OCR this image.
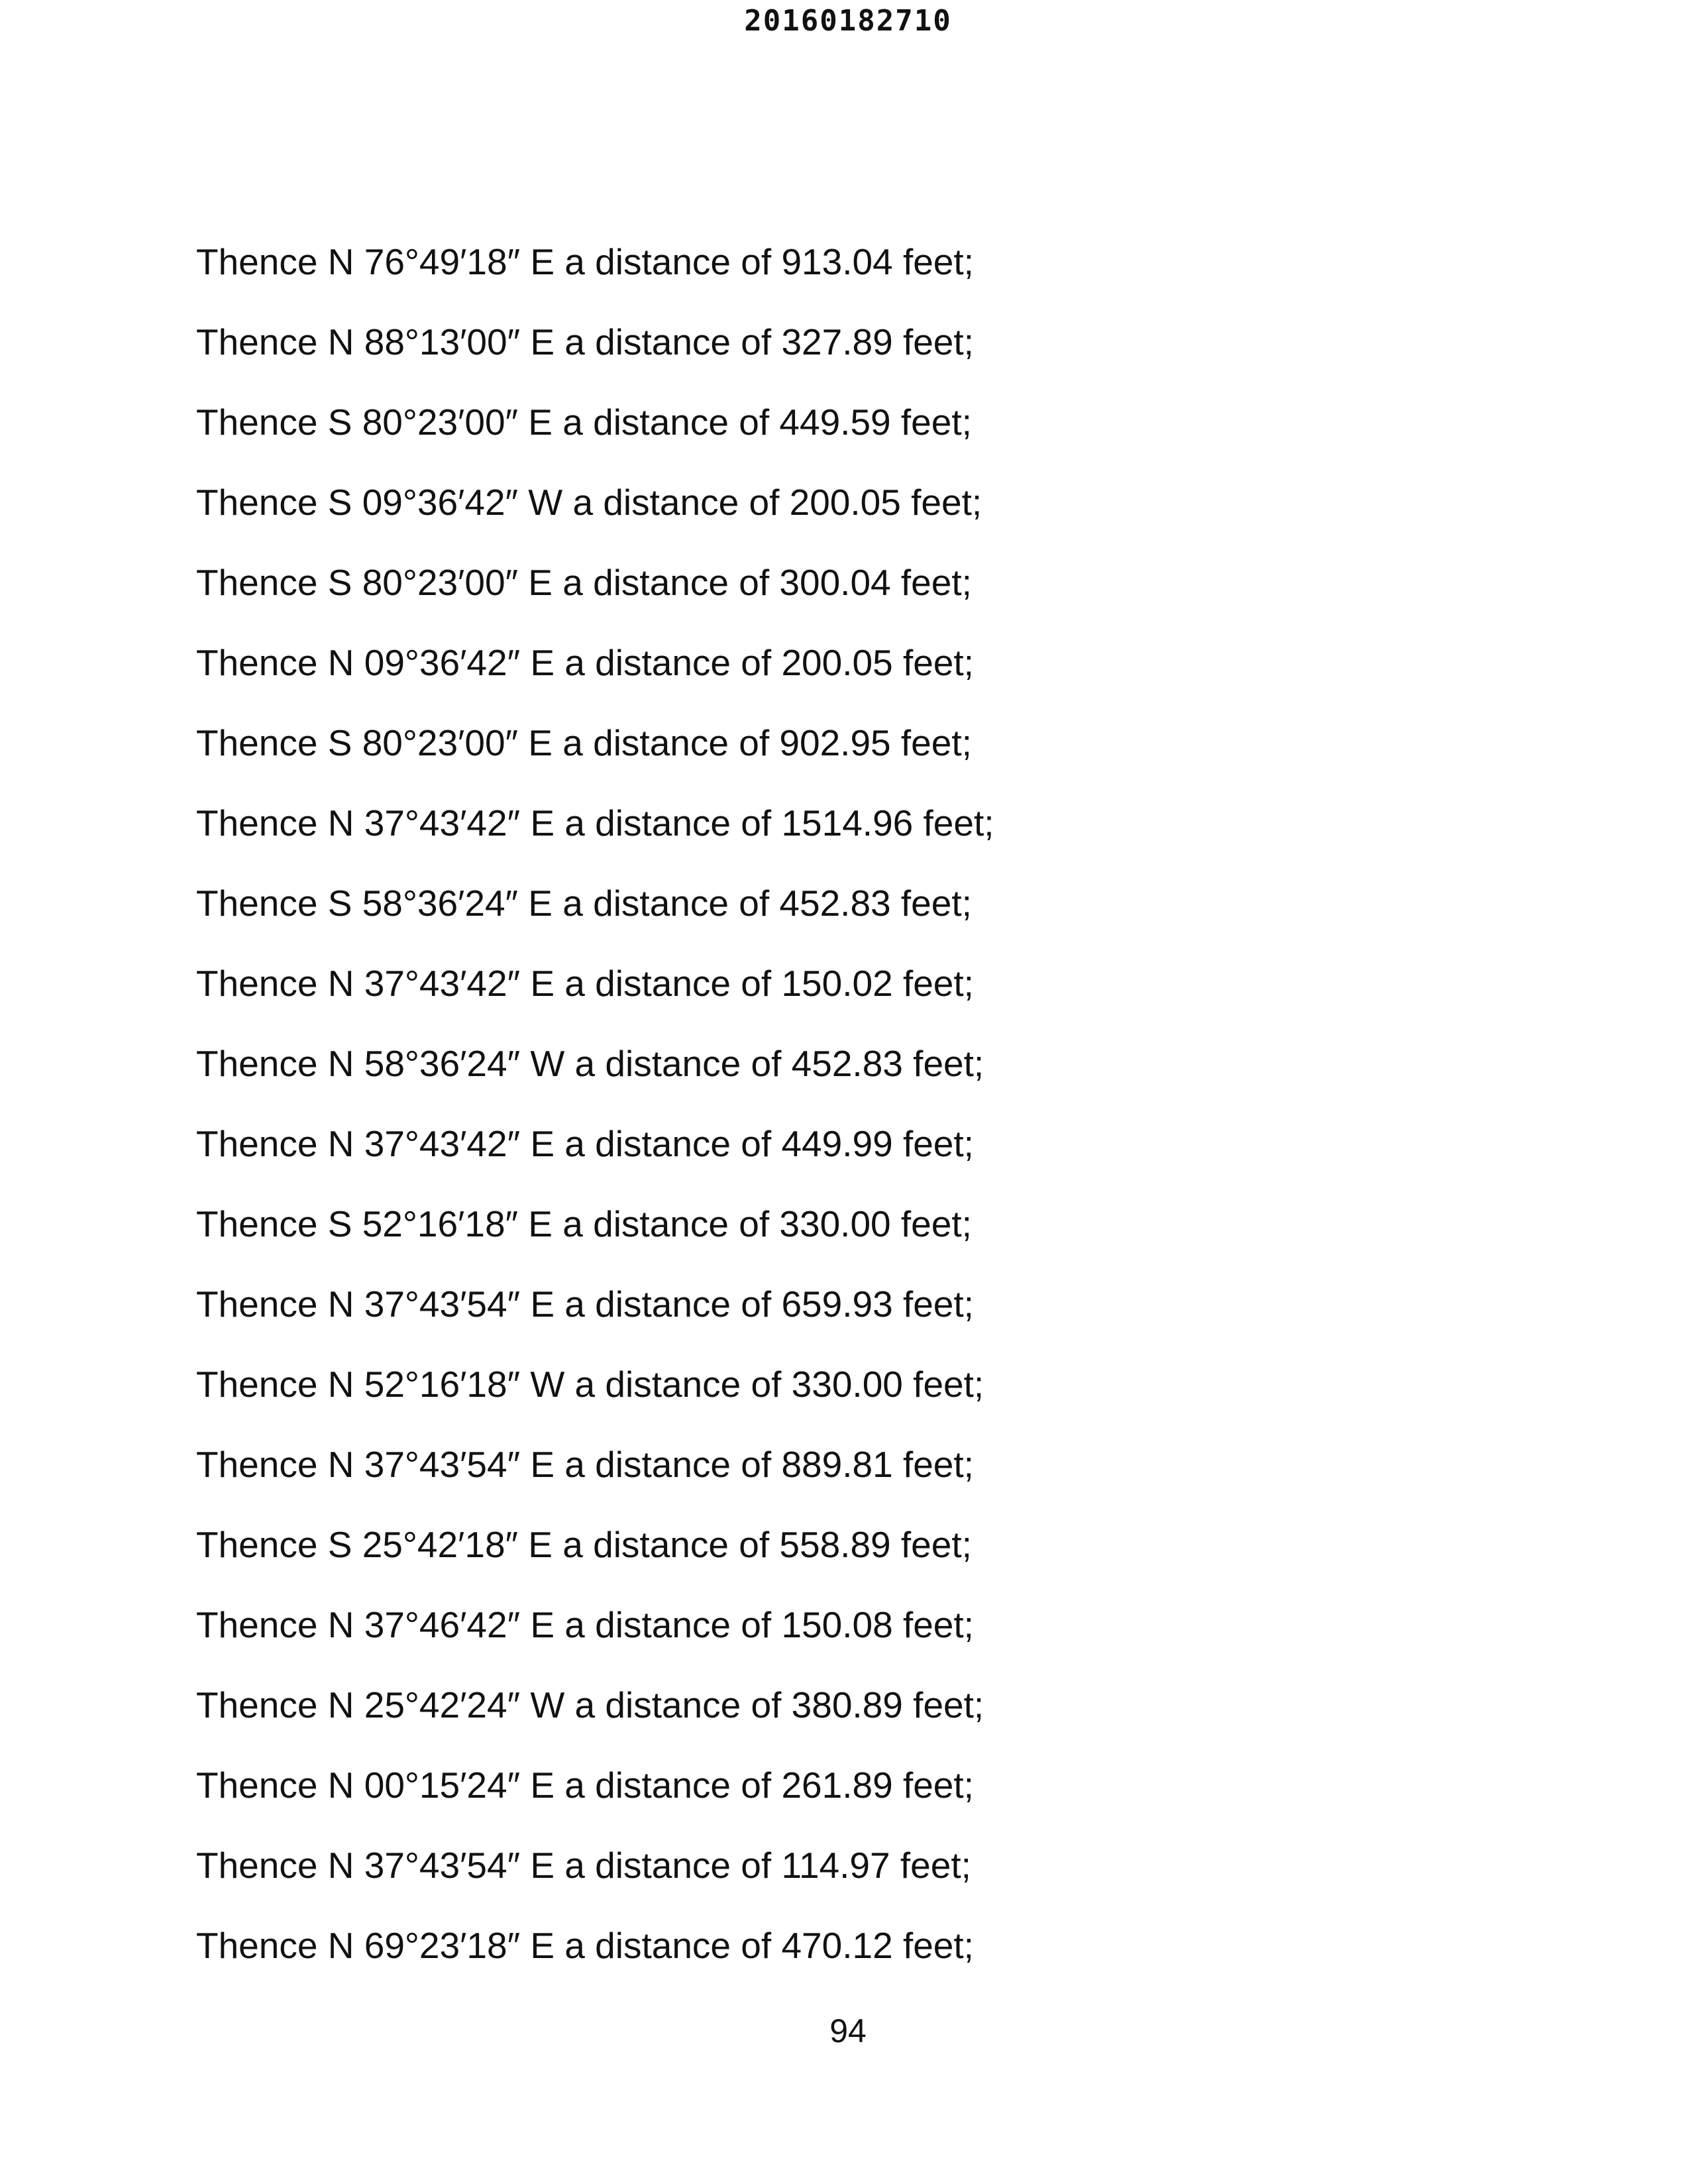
20160182710

Thence N 76°49′18″ E a distance of 913.04 feet;
Thence N 88°13′00″ E a distance of 327.89 feet;
Thence S 80°23′00″ E a distance of 449.59 feet;
Thence S 09°36′42″ W a distance of 200.05 feet;
Thence S 80°23′00″ E a distance of 300.04 feet;
Thence N 09°36′42″ E a distance of 200.05 feet;
Thence S 80°23′00″ E a distance of 902.95 feet;
Thence N 37°43′42″ E a distance of 1514.96 feet;
Thence S 58°36′24″ E a distance of 452.83 feet;
Thence N 37°43′42″ E a distance of 150.02 feet;
Thence N 58°36′24″ W a distance of 452.83 feet;
Thence N 37°43′42″ E a distance of 449.99 feet;
Thence S 52°16′18″ E a distance of 330.00 feet;
Thence N 37°43′54″ E a distance of 659.93 feet;
Thence N 52°16′18″ W a distance of 330.00 feet;
Thence N 37°43′54″ E a distance of 889.81 feet;
Thence S 25°42′18″ E a distance of 558.89 feet;
Thence N 37°46′42″ E a distance of 150.08 feet;
Thence N 25°42′24″ W a distance of 380.89 feet;
Thence N 00°15′24″ E a distance of 261.89 feet;
Thence N 37°43′54″ E a distance of 114.97 feet;
Thence N 69°23′18″ E a distance of 470.12 feet;

94
